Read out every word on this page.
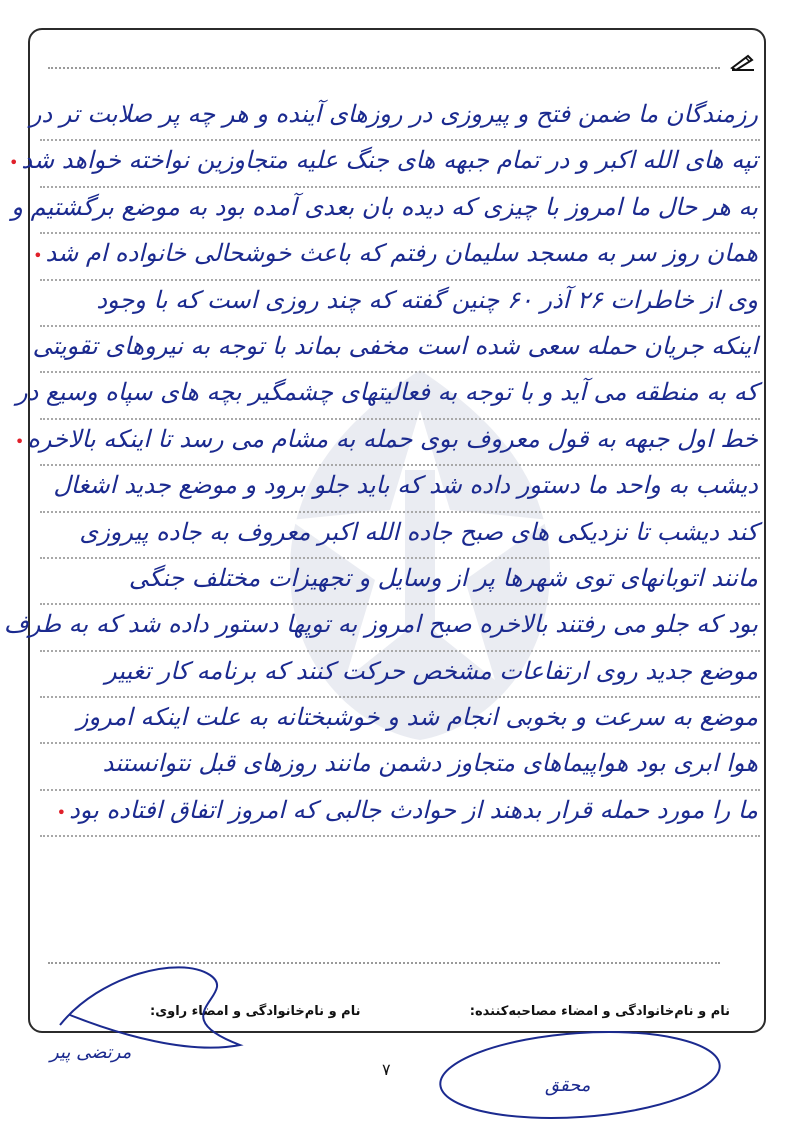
رزمندگان ما ضمن فتح و پیروزی در روزهای آینده و هر چه پر صلابت تر در
تپه های الله اکبر و در تمام جبهه های جنگ علیه متجاوزین نواخته خواهد شد•
به هر حال ما امروز با چیزی که دیده بان بعدی آمده بود به موضع برگشتیم و
همان روز سر به مسجد سلیمان رفتم که باعث خوشحالی خانواده ام شد•
وی از خاطرات ۲۶ آذر ۶۰ چنین گفته که چند روزی است که با وجود
اینکه جریان حمله سعی شده است مخفی بماند با توجه به نیروهای تقویتی
که به منطقه می آید و با توجه به فعالیتهای چشمگیر بچه های سپاه وسیع در
خط اول جبهه به قول معروف بوی حمله به مشام می رسد تا اینکه بالاخره•
دیشب به واحد ما دستور داده شد که باید جلو برود و موضع جدید اشغال
کند دیشب تا نزدیکی های صبح جاده الله اکبر معروف به جاده پیروزی
مانند اتوبانهای توی شهرها پر از وسایل و تجهیزات مختلف جنگی
بود که جلو می رفتند بالاخره صبح امروز به توپها دستور داده شد که به طرف
موضع جدید روی ارتفاعات مشخص حرکت کنند که برنامه کار تغییر
موضع به سرعت و بخوبی انجام شد و خوشبختانه به علت اینکه امروز
هوا ابری بود هواپیماهای متجاوز دشمن مانند روزهای قبل نتوانستند
ما را مورد حمله قرار بدهند از حوادث جالبی که امروز اتفاق افتاده بود•
نام و نام‌خانوادگی و امضاء مصاحبه‌کننده:
نام و نام‌خانوادگی و امضاء راوی:
مرتضی پیر
محقق
۷
